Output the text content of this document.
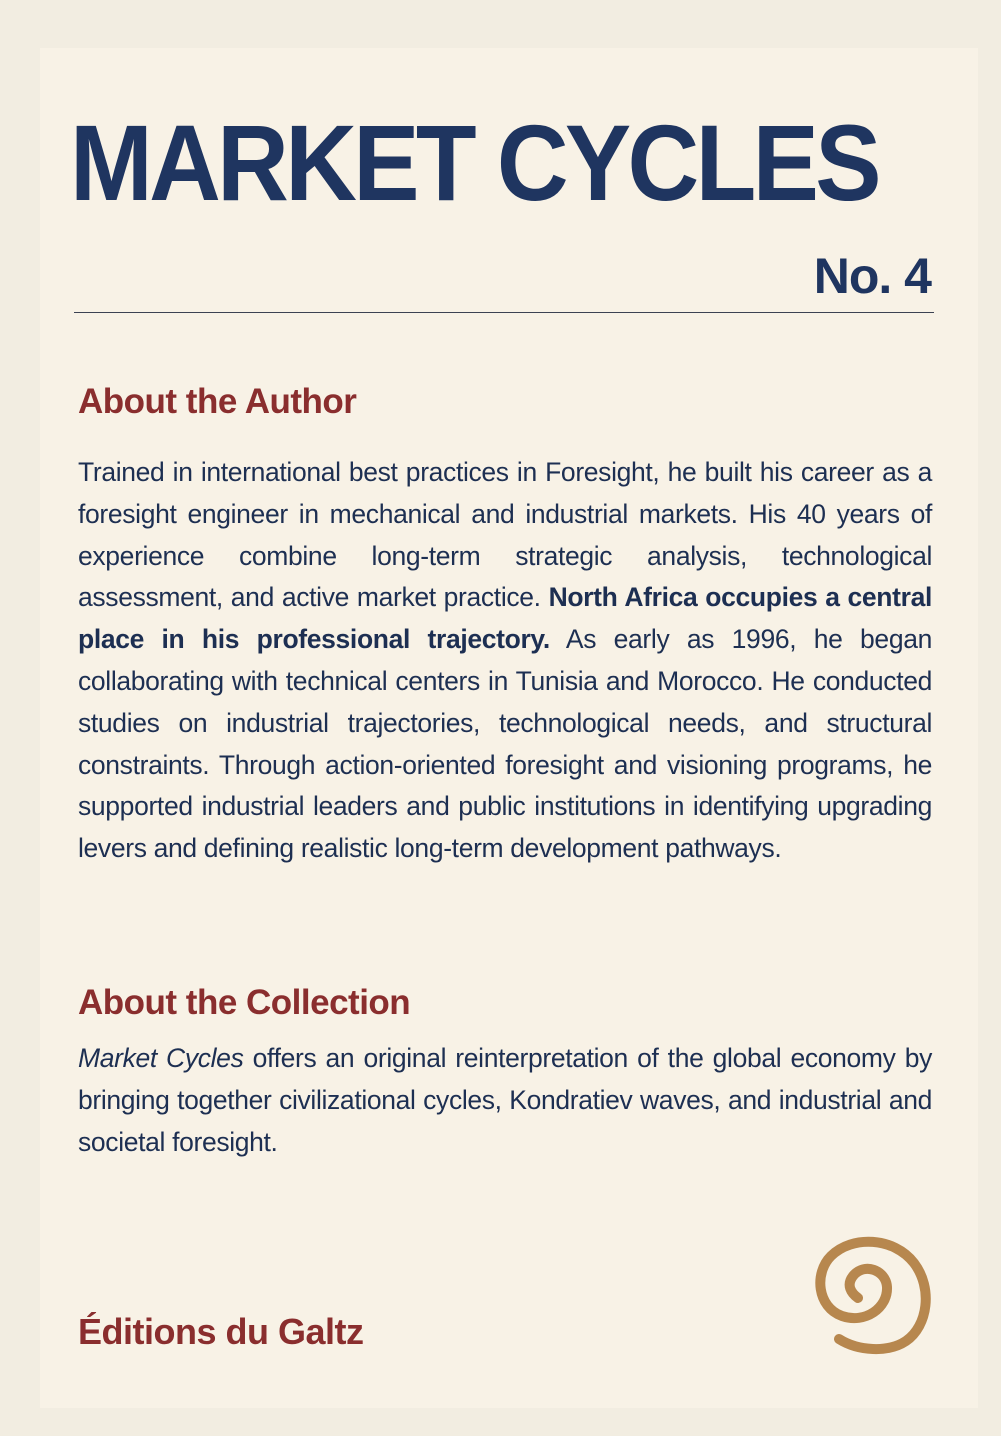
MARKET CYCLES
No. 4
About the Author

Trained in international best practices in Foresight, he built his career as a foresight engineer in mechanical and industrial markets. His 40 years of experience combine long-term strategic analysis, technological assessment, and active market practice. North Africa occupies a central place in his professional trajectory. As early as 1996, he began collaborating with technical centers in Tunisia and Morocco. He conducted studies on industrial trajectories, technological needs, and structural constraints. Through action-oriented foresight and visioning programs, he supported industrial leaders and public institutions in identifying upgrading levers and defining realistic long-term development pathways.

About the Collection

Market Cycles offers an original reinterpretation of the global economy by bringing together civilizational cycles, Kondratiev waves, and industrial and societal foresight.

Éditions du Galtz
